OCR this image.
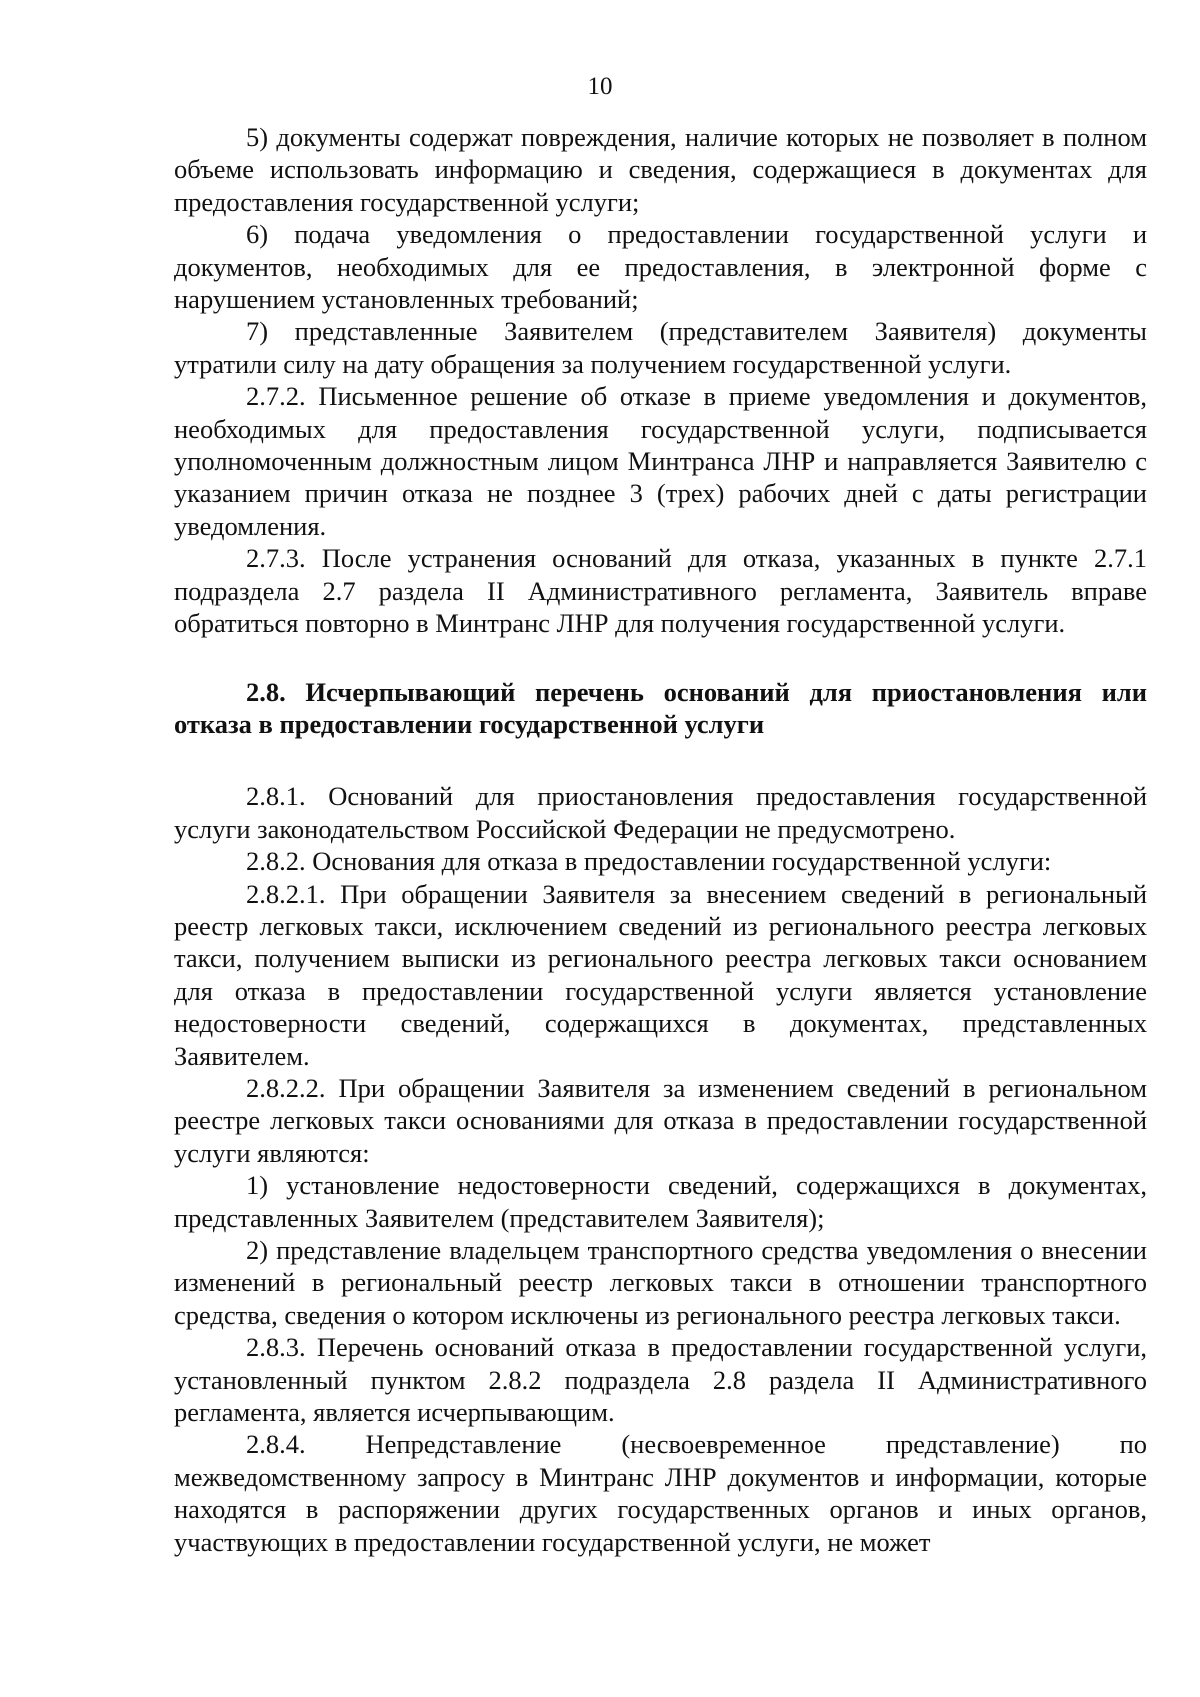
10

5) документы содержат повреждения, наличие которых не позволяет в полном объеме использовать информацию и сведения, содержащиеся в документах для предоставления государственной услуги;

6) подача уведомления о предоставлении государственной услуги и документов, необходимых для ее предоставления, в электронной форме с нарушением установленных требований;

7) представленные Заявителем (представителем Заявителя) документы утратили силу на дату обращения за получением государственной услуги.

2.7.2. Письменное решение об отказе в приеме уведомления и документов, необходимых для предоставления государственной услуги, подписывается уполномоченным должностным лицом Минтранса ЛНР и направляется Заявителю с указанием причин отказа не позднее 3 (трех) рабочих дней с даты регистрации уведомления.

2.7.3. После устранения оснований для отказа, указанных в пункте 2.7.1 подраздела 2.7 раздела II Административного регламента, Заявитель вправе обратиться повторно в Минтранс ЛНР для получения государственной услуги.

2.8. Исчерпывающий перечень оснований для приостановления или отказа в предоставлении государственной услуги

2.8.1. Оснований для приостановления предоставления государственной услуги законодательством Российской Федерации не предусмотрено.

2.8.2. Основания для отказа в предоставлении государственной услуги:

2.8.2.1. При обращении Заявителя за внесением сведений в региональный реестр легковых такси, исключением сведений из регионального реестра легковых такси, получением выписки из регионального реестра легковых такси основанием для отказа в предоставлении государственной услуги является установление недостоверности сведений, содержащихся в документах, представленных Заявителем.

2.8.2.2. При обращении Заявителя за изменением сведений в региональном реестре легковых такси основаниями для отказа в предоставлении государственной услуги являются:

1) установление недостоверности сведений, содержащихся в документах, представленных Заявителем (представителем Заявителя);

2) представление владельцем транспортного средства уведомления о внесении изменений в региональный реестр легковых такси в отношении транспортного средства, сведения о котором исключены из регионального реестра легковых такси.

2.8.3. Перечень оснований отказа в предоставлении государственной услуги, установленный пунктом 2.8.2 подраздела 2.8 раздела II Административного регламента, является исчерпывающим.

2.8.4. Непредставление (несвоевременное представление) по межведомственному запросу в Минтранс ЛНР документов и информации, которые находятся в распоряжении других государственных органов и иных органов, участвующих в предоставлении государственной услуги, не может
